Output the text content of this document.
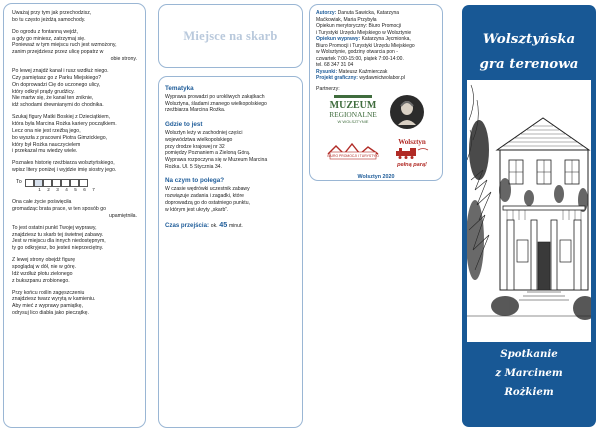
Uważaj przy tym jak przechodzisz,
bo tu często jeżdżą samochody.
Do ogrodu z fontanną wejdź,
a gdy go miniesz, zatrzymaj się.
Ponieważ w tym miejscu ruch jest wzmożony,
zanim przejdziesz przez ulicę popatrz w
obie strony.
Po lewej znajdź kanał i rusz wzdłuż niego.
Czy pamiętasz go z Parku Miejskiego?
On doprowadzi Cię do uczonego ulicy,
który odkrył prądy grudźicy.
Nie martw się, że kanał ten zniknie,
idź schodami drewnianymi do chodnika.
Szukaj figury Matki Boskiej z Dzieciątkiem,
która była Marcina Rożka kariery początkiem.
Lecz ona nie jest rzeźbą jego,
bo wyszła z pracowni Piotra Gimzickiego,
który był Rożka nauczycielem
i przekazał mu wiedzy wiele.
Poznałes historię rzeźbiarza wolsztyńskiego,
wpisz litery poniżej i wyjdzie imię siostry jego.
To
1	2	3	4	5	6	7
Ona całe życie poświęciła
gromadząc brata prace, w ten sposób go
upamiętniła.
To jest ostatni punkt Twojej wyprawy,
znajdziesz tu skarb tej świetnej zabawy.
Jest w miejscu dla innych niedostępnym,
ty go odkryjesz, bo jesteś nieprzeciętny.
Z lewej strony obejdź figurę
spoglądaj w dół, nie w górę.
Idź wzdłuż płotu zielonego
z bukszpanu zrobionego.
Przy końcu roślin zagęszczeniu
znajdziesz twarz wyrytą w kamieniu.
Aby mieć z wyprawy pamiątkę,
odrysuj lico diabła jako pieczątkę.
Miejsce na skarb
Tematyka
Wyprawa prowadzi po urokliwych zakątkach
Wolsztyna, śladami znanego wielkopolskiego
rzeźbiarza Marcina Rożka.
Gdzie to jest
Wolsztyn leży w zachodniej części
województwa wielkopolskiego
przy drodze krajowej nr 32
pomiędzy Poznaniem a Zieloną Górą.
Wyprawa rozpoczyna się w Muzeum Marcina
Rożka. Ul. 5 Stycznia 34.
Na czym to polega?
W czasie wędrówki uczestnik zabawy
rozwiązuje zadania i zagadki, które
doprowadzą go do ostatniego punktu,
w którym jest ukryty „skarb”.
Czas przejścia: ok. 45 minut.
Autorzy: Danuta Sawicka, Katarzyna
Maćkowiak, Maria Przybyła
Opiekun merytoryczny: Biuro Promocji
i Turystyki Urzędu Miejskiego w Wolsztynie
Opiekun wyprawy: Katarzyna Jęcmionka,
Biuro Promocji i Turystyki Urzędu Miejskiego
w Wolsztynie, godziny otwarcia pon -
czwartek 7:00-15:00, piątek 7:00-14:00.
tel. 68 347 31 04
Rysunki: Mateusz Kaźmierczak
Projekt graficzny: wydawnictwolabor.pl
Partnerzy:
MUZEUM
REGIONALNE
W WOLSZTYNIE
BIURO PROMOCJI I TURYSTYKI
Wolsztyn
pełną parą!
Wolsztyn 2020
Wolsztyńska
gra terenowa
Spotkanie
z Marcinem
Rożkiem
